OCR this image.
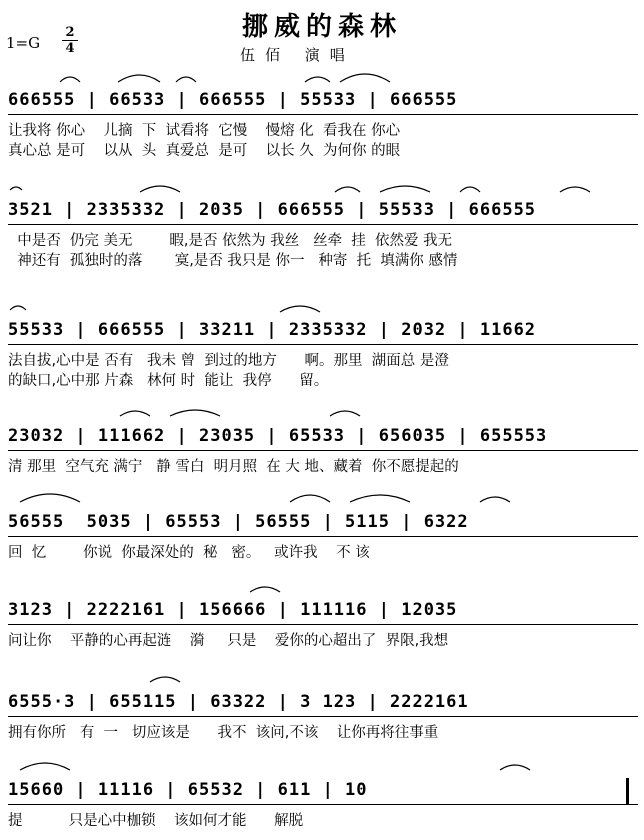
挪威的森林
1=G
2
4	伍佰 演唱
666555 | 66533 | 666555 | 55533 | 666555
让我将 你心    儿摘  下  试看将  它慢    慢熔 化  看我在 你心
真心总 是可    以从  头  真爱总  是可    以长 久  为何你 的眼
3521 | 2335332 | 2035 | 666555 | 55533 | 666555
中是否  仍完 美无        暇,是否 依然为 我丝   丝牵  挂  依然爱 我无
神还有  孤独时的落       寞,是否 我只是 你一   种寄  托  填满你 感情
55533 | 666555 | 33211 | 2335332 | 2032 | 11662
法自拔,心中是 否有   我未 曾  到过的地方      啊。那里  湖面总 是澄
的缺口,心中那 片森   林何 时  能让  我停      留。
23032 | 111662 | 23035 | 65533 | 656035 | 655553
清 那里  空气充 满宁   静 雪白  明月照  在 大 地、藏着  你不愿提起的
56555  5035 | 65553 | 56555 | 5115 | 6322
回  忆        你说  你最深处的  秘   密。   或许我    不 该
3123 | 2222161 | 156666 | 111116 | 12035
问让你    平静的心再起涟    漪     只是    爱你的心超出了  界限,我想
6555·3 | 655115 | 63322 | 3 123 | 2222161
拥有你所   有  一   切应该是      我不  该问,不该    让你再将往事重
15660 | 11116 | 65532 | 611 | 10
提          只是心中枷锁    该如何才能      解脱
